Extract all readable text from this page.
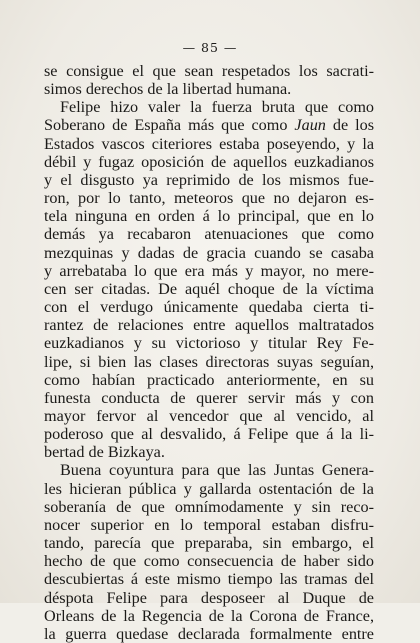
— 85 —
se consigue el que sean respetados los sacrati-
simos derechos de la libertad humana.
Felipe hizo valer la fuerza bruta que como
Soberano de España más que como Jaun de los
Estados vascos citeriores estaba poseyendo, y la
débil y fugaz oposición de aquellos euzkadianos
y el disgusto ya reprimido de los mismos fue-
ron, por lo tanto, meteoros que no dejaron es-
tela ninguna en orden á lo principal, que en lo
demás ya recabaron atenuaciones que como
mezquinas y dadas de gracia cuando se casaba
y arrebataba lo que era más y mayor, no mere-
cen ser citadas. De aquél choque de la víctima
con el verdugo únicamente quedaba cierta ti-
rantez de relaciones entre aquellos maltratados
euzkadianos y su victorioso y titular Rey Fe-
lipe, si bien las clases directoras suyas seguían,
como habían practicado anteriormente, en su
funesta conducta de querer servir más y con
mayor fervor al vencedor que al vencido, al
poderoso que al desvalido, á Felipe que á la li-
bertad de Bizkaya.
Buena coyuntura para que las Juntas Genera-
les hicieran pública y gallarda ostentación de la
soberanía de que omnímodamente y sin reco-
nocer superior en lo temporal estaban disfru-
tando, parecía que preparaba, sin embargo, el
hecho de que como consecuencia de haber sido
descubiertas á este mismo tiempo las tramas del
déspota Felipe para desposeer al Duque de
Orleans de la Regencia de la Corona de France,
la guerra quedase declarada formalmente entre
